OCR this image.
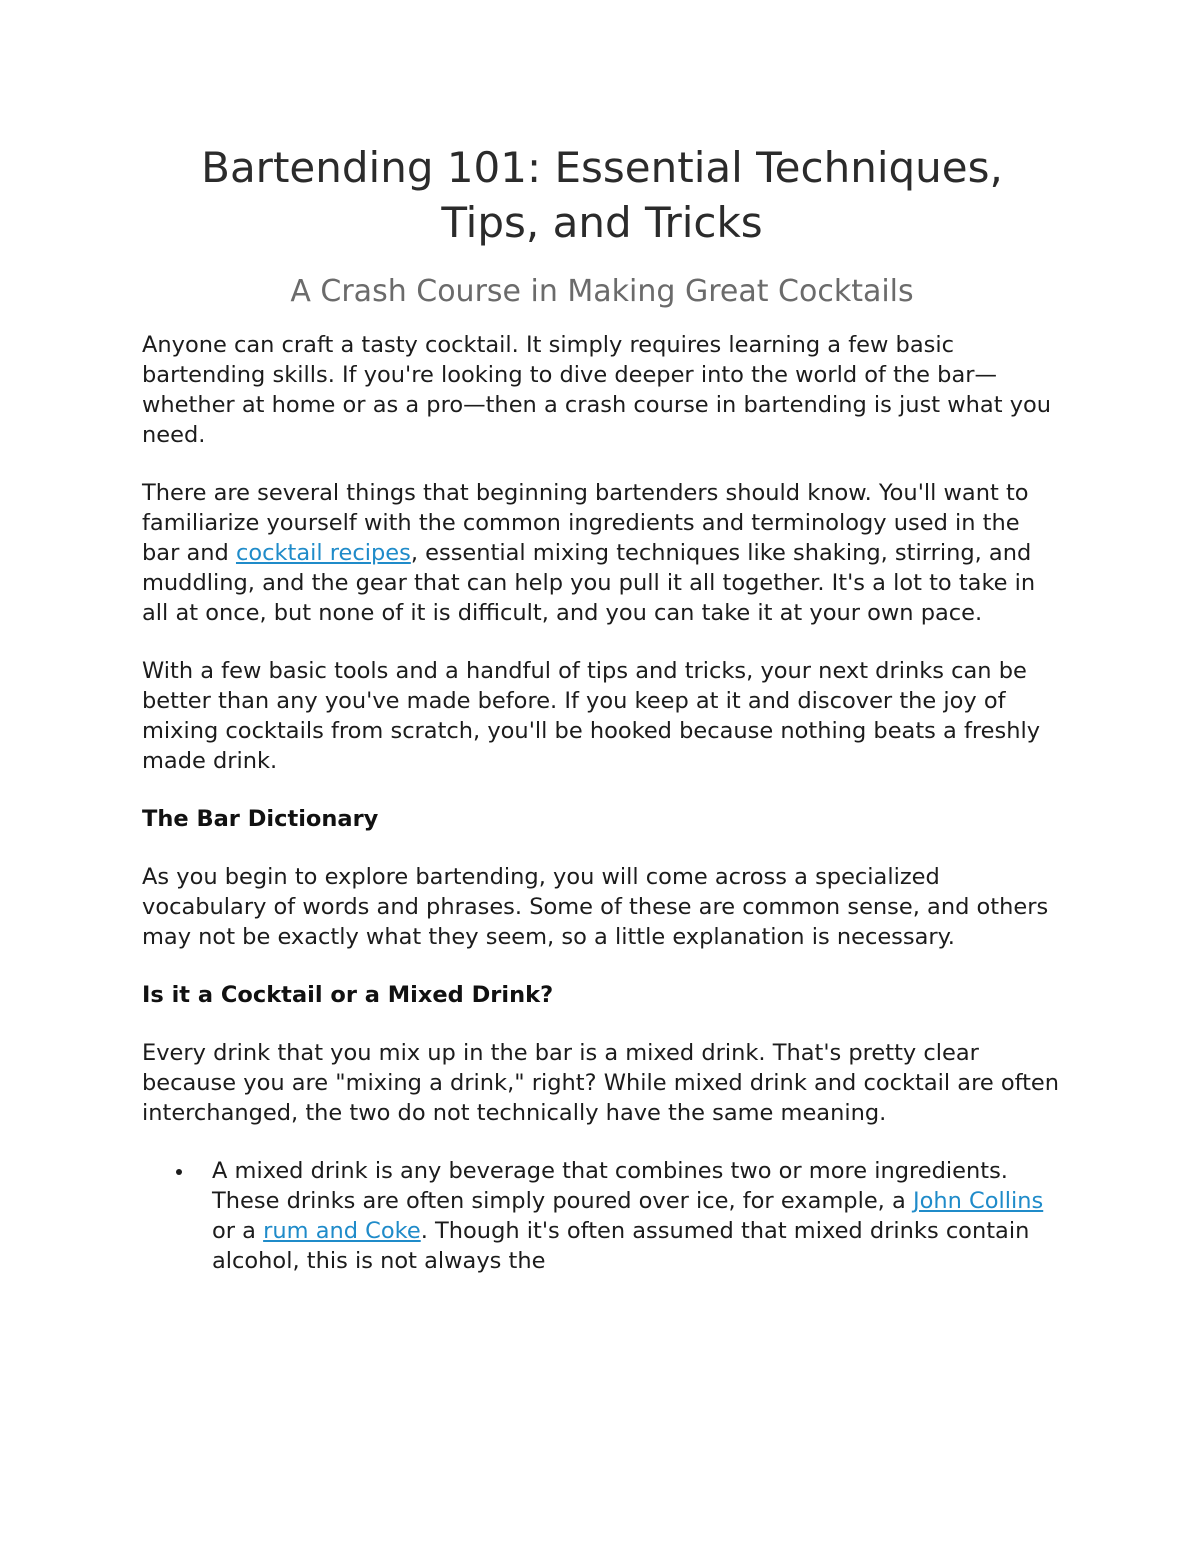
Bartending 101: Essential Techniques,
Tips, and Tricks
A Crash Course in Making Great Cocktails

Anyone can craft a tasty cocktail. It simply requires learning a few basic bartending skills. If you're looking to dive deeper into the world of the bar—whether at home or as a pro—then a crash course in bartending is just what you need.

There are several things that beginning bartenders should know. You'll want to familiarize yourself with the common ingredients and terminology used in the bar and cocktail recipes, essential mixing techniques like shaking, stirring, and muddling, and the gear that can help you pull it all together. It's a lot to take in all at once, but none of it is difficult, and you can take it at your own pace.

With a few basic tools and a handful of tips and tricks, your next drinks can be better than any you've made before. If you keep at it and discover the joy of mixing cocktails from scratch, you'll be hooked because nothing beats a freshly made drink.

The Bar Dictionary

As you begin to explore bartending, you will come across a specialized vocabulary of words and phrases. Some of these are common sense, and others may not be exactly what they seem, so a little explanation is necessary.

Is it a Cocktail or a Mixed Drink?

Every drink that you mix up in the bar is a mixed drink. That's pretty clear because you are "mixing a drink," right? While mixed drink and cocktail are often interchanged, the two do not technically have the same meaning.

A mixed drink is any beverage that combines two or more ingredients. These drinks are often simply poured over ice, for example, a John Collins or a rum and Coke. Though it's often assumed that mixed drinks contain alcohol, this is not always the
